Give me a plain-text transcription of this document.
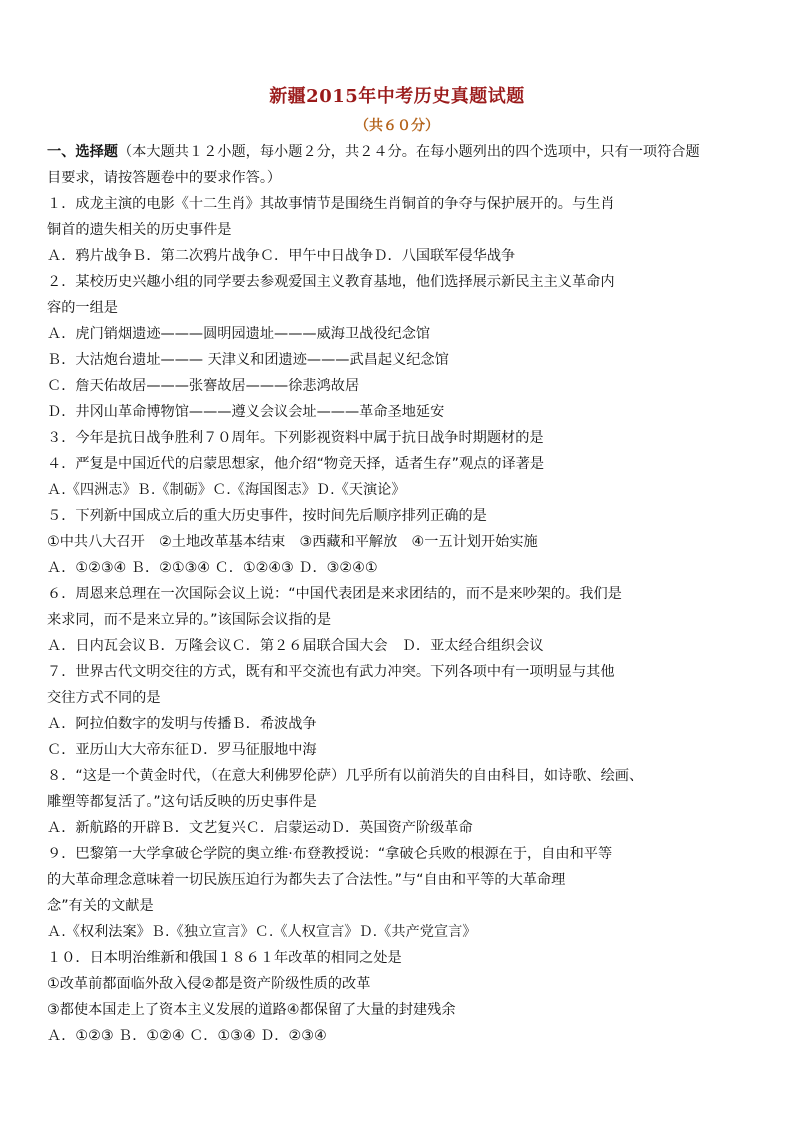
新疆2015年中考历史真题试题
（共６０分）
一、选择题（本大题共１２小题，每小题２分，共２４分。在每小题列出的四个选项中，只有一项符合题
目要求，请按答题卷中的要求作答。）
１．成龙主演的电影《十二生肖》其故事情节是围绕生肖铜首的争夺与保护展开的。与生肖
铜首的遗失相关的历史事件是
Ａ．鸦片战争Ｂ．第二次鸦片战争Ｃ．甲午中日战争Ｄ．八国联军侵华战争
２．某校历史兴趣小组的同学要去参观爱国主义教育基地，他们选择展示新民主主义革命内
容的一组是
Ａ．虎门销烟遗迹———圆明园遗址———威海卫战役纪念馆
Ｂ．大沽炮台遗址——— 天津义和团遗迹———武昌起义纪念馆
Ｃ．詹天佑故居———张謇故居———徐悲鸿故居
Ｄ．井冈山革命博物馆———遵义会议会址———革命圣地延安
３．今年是抗日战争胜利７０周年。下列影视资料中属于抗日战争时期题材的是
４．严复是中国近代的启蒙思想家，他介绍“物竞天择，适者生存”观点的译著是
Ａ.《四洲志》Ｂ.《制砺》Ｃ.《海国图志》Ｄ.《天演论》
５．下列新中国成立后的重大历史事件，按时间先后顺序排列正确的是
①中共八大召开　②土地改革基本结束　③西藏和平解放　④一五计划开始实施
Ａ．①②③④ Ｂ．②①③④ Ｃ．①②④③ Ｄ．③②④①
６．周恩来总理在一次国际会议上说：“中国代表团是来求团结的，而不是来吵架的。我们是
来求同，而不是来立异的。”该国际会议指的是
Ａ．日内瓦会议Ｂ．万隆会议Ｃ．第２６届联合国大会　Ｄ．亚太经合组织会议
７．世界古代文明交往的方式，既有和平交流也有武力冲突。下列各项中有一项明显与其他
交往方式不同的是
Ａ．阿拉伯数字的发明与传播Ｂ．希波战争
Ｃ．亚历山大大帝东征Ｄ．罗马征服地中海
８．“这是一个黄金时代，（在意大利佛罗伦萨）几乎所有以前消失的自由科目，如诗歌、绘画、
雕塑等都复活了。”这句话反映的历史事件是
Ａ．新航路的开辟Ｂ．文艺复兴Ｃ．启蒙运动Ｄ．英国资产阶级革命
９．巴黎第一大学拿破仑学院的奥立维·布登教授说：“拿破仑兵败的根源在于，自由和平等
的大革命理念意味着一切民族压迫行为都失去了合法性。”与“自由和平等的大革命理
念”有关的文献是
Ａ.《权利法案》Ｂ.《独立宣言》Ｃ.《人权宣言》Ｄ.《共产党宣言》
１０．日本明治维新和俄国１８６１年改革的相同之处是
①改革前都面临外敌入侵②都是资产阶级性质的改革
③都使本国走上了资本主义发展的道路④都保留了大量的封建残余
Ａ．①②③ Ｂ．①②④ Ｃ．①③④ Ｄ．②③④
